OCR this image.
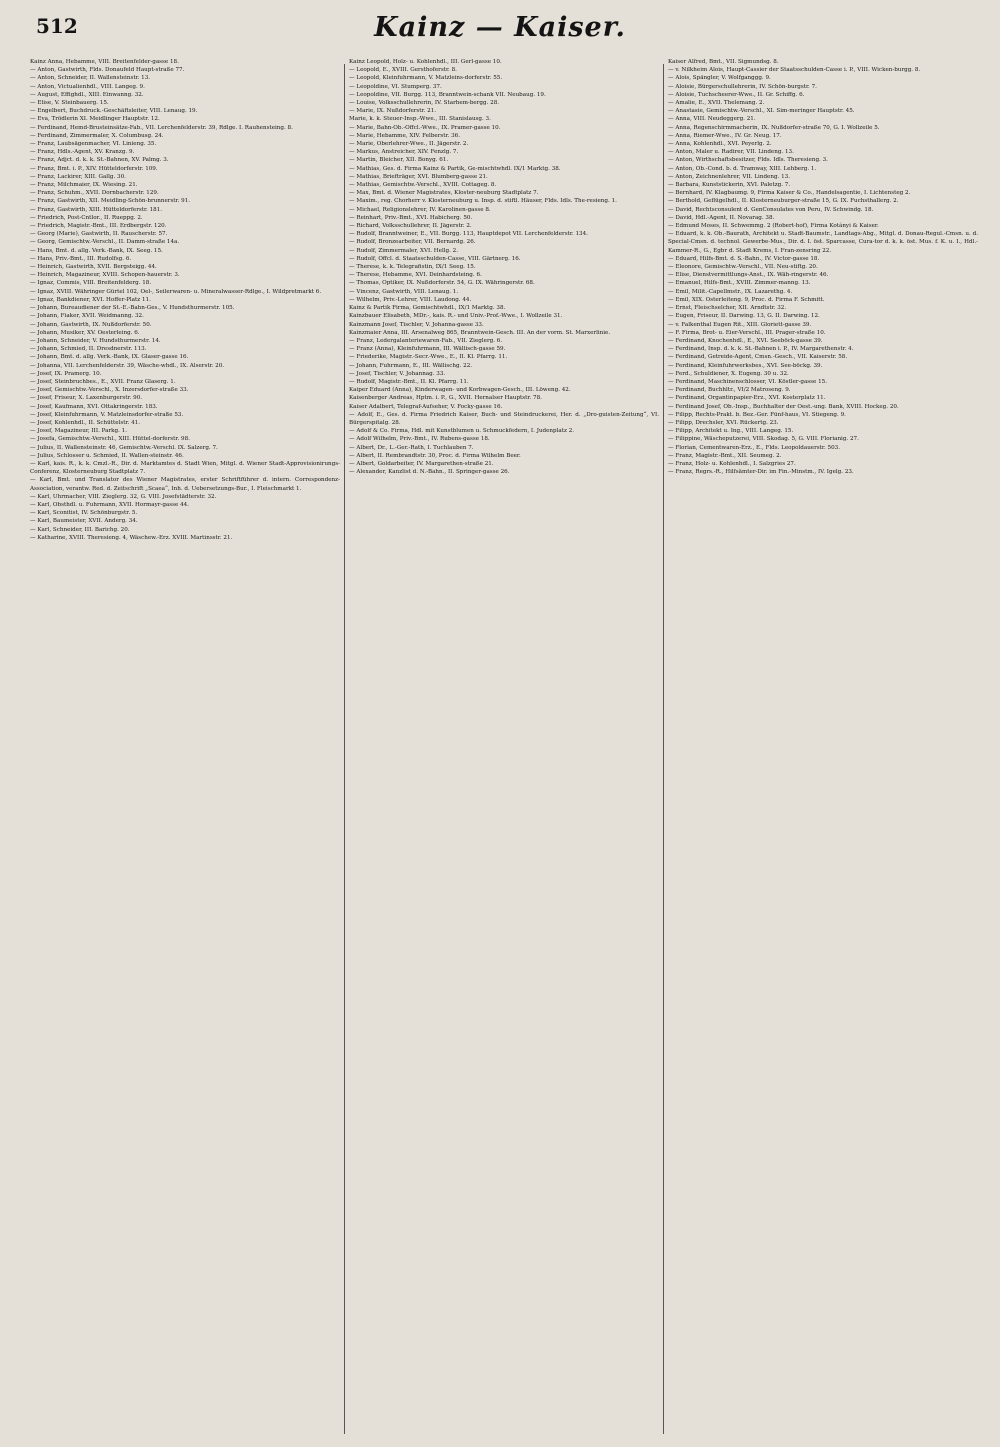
512	Kainz — Kaiser.

Kainz Anna, Hebamme, VIII. Breitenfelder-gasse 18.

— Anton, Gastwirth, Flds. Donaufeld Haupt-straße 77.

— Anton, Schneider, II. Wallensteinstr. 13.

— Anton, Victualienhdl., VIII. Langeg. 9.

— August, Effighdl., XIII. Einwanng. 32.

— Elise, V. Steinbauerg. 15.

— Engelbert, Buchdruck.-Geschäftsleiter, VIII. Lenaug. 19.

— Eva, Trödlerin XI. Meidlinger Hauptstr. 12.

— Ferdinand, Hemd-Brusteinsätze-Fab., VII. Lerchenfelderstr. 39, Rdlge. I. Rauhensteing. 8.

— Ferdinand, Zimmermaler, X. Columbusg. 24.

— Franz, Laubsägenmacher, VI. Linieng. 35.

— Franz, Hdls.-Agent, XV. Kranzg. 9.

— Franz, Adjct. d. k. k. St.-Bahnen, XV. Palmg. 3.

— Franz, Bmt. i. P., XIV. Hütteldorferstr. 109.

— Franz, Lackirer, XIII. Gallg. 30.

— Franz, Milchmaier, IX. Wiesing. 21.

— Franz, Schuhm., XVII. Dornbacherstr. 129.

— Franz, Gastwirth, XII. Meidling-Schön-brunnerstr. 91.

— Franz, Gastwirth, XIII. Hütteldorferstr. 181.

— Friedrich, Post-Cntlor., II. Rueppg. 2.

— Friedrich, Magistr.-Bmt., III. Erdbergstr. 120.

— Georg (Marie), Gastwirth, II. Rauscherstr. 57.

— Georg, Gemischtw.-Verschl., II. Damm-straße 14a.

— Hans, Bmt. d. allg. Verk.-Bank, IX. Seeg. 15.

— Hans, Priv.-Bmt., III. Rudolfsg. 6.

— Heinrich, Gastwirth, XVII. Bergsteigg. 44.

— Heinrich, Magazineur, XVIII. Schopen-hauerstr. 3.

— Ignaz, Commis, VIII. Breitenfelderg. 18.

— Ignaz, XVIII. Währinger Gürtel 102, Oel-, Seilerwaren- u. Mineralwasser-Rdlge., I. Wildpretmarkt 6.

— Ignaz, Bankdiener, XVI. Hoffer-Platz 11.

— Johann, Bureaudiener der St.-E.-Bahn-Ges., V. Hundsthurmerstr. 105.

— Johann, Fiaker, XVII. Weidmanng. 32.

— Johann, Gastwirth, IX. Nußdorferstr. 50.

— Johann, Musiker, XV. Oesterleing. 6.

— Johann, Schneider, V. Hundsthurmerstr. 14.

— Johann, Schmied, II. Dresdnerstr. 113.

— Johann, Bmt. d. allg. Verk.-Bank, IX. Glaser-gasse 16.

— Johanna, VII. Lerchenfelderstr. 39, Wäsche-whdl., IX. Alserstr. 20.

— Josef, IX. Pramerg. 10.

— Josef, Steinbruchbes., E., XVII. Franz Glaserg. 1.

— Josef, Gemischtw.-Verschl., X. Inzersdorfer-straße 33.

— Josef, Friseur, X. Laxenburgerstr. 90.

— Josef, Kaufmann, XVI. Ottakringerstr. 183.

— Josef, Kleinfuhrmann, V. Matzleinsdorfer-straße 53.

— Josef, Kohlenhdl., II. Schüttelstr. 41.

— Josef, Magazineur, III. Parkg. 1.

— Josefa, Gemischtw.-Verschl., XIII. Hüttel-dorferstr. 98.

— Julius, II. Wallensteinstr. 46, Gemischtw.-Verschl. IX. Salzerg. 7.

— Julius, Schlosser u. Schmied, II. Wallen-steinstr. 46.

— Karl, kais. R., k. k. Cmzl.-R., Dir. d. Marktamtes d. Stadt Wien, Mitgl. d. Wiener Stadt-Approvisionirungs-Conferenz, Klosterneuburg Stadtplatz 7.

— Karl, Bmt. und Translator des Wiener Magistrates, erster Schriftführer d. intern. Correspondenz-Association, verantw. Red. d. Zeitschrift „Scaea“, Inh. d. Uebersetzungs-Bur., I. Fleischmarkt 1.

— Karl, Uhrmacher, VIII. Zieglerg. 32, G. VIII. Josefstädterstr. 32.

— Karl, Obsthdl. u. Fuhrmann, XVII. Hormayr-gasse 44.

— Karl, Sconitist, IV. Schönburgstr. 5.

— Karl, Baumeister, XVII. Anderg. 34.

— Karl, Schneider, III. Barichg. 20.

— Katharine, XVIII. Theresieng. 4, Wäschew.-Erz. XVIII. Martinsstr. 21.

Kainz Leopold, Holz- u. Kohlenhdl., III. Gerl-gasse 10.

— Leopold, E., XVIII. Gersthoferstr. 8.

— Leopold, Kleinfuhrmann, V. Matzleins-dorferstr. 55.

— Leopoldine, VI. Stumperg. 37.

— Leopoldine, VII. Burgg. 113, Branntwein-schank VII. Neubaug. 19.

— Louise, Volksschullehrerin, IV. Starhem-bergg. 28.

— Marie, IX. Nußdorferstr. 21.

Marie, k. k. Steuer-Insp.-Wwe., III. Stanislausg. 3.

— Marie, Bahn-Ob.-Offcl.-Wwe., IX. Pramer-gasse 10.

— Marie, Hebamme, XIV. Felberstr. 36.

— Marie, Oberlehrer-Wwe., II. Jägerstr. 2.

— Markus, Anstreicher, XIV. Fenzlg. 7.

— Martin, Bleicher, XII. Bonyg. 61.

— Mathias, Ges. d. Firma Kainz & Partik, Ge-mischtwhdl. IX/1 Marktg. 38.

— Mathias, Briefträger, XVI. Blumberg-gasse 21.

— Mathias, Gemischtw.-Verschl., XVIII. Cottageg. 8.

— Max, Bmt. d. Wiener Magistrates, Kloster-neuburg Stadtplatz 7.

— Maxim., reg. Chorherr v. Klosterneuburg u. Insp. d. stiftl. Häuser, Flds. Idls. The-resieng. 1.

— Michael, Religionslehrer, IV. Karolinen-gasse 8.

— Reinhart, Priv.-Bmt., XVI. Habicherg. 50.

— Richard, Volksschullehrer, II. Jägerstr. 2.

— Rudolf, Branntweiner, E., VII. Burgg. 113, Hauptdepot VII. Lerchenfelderstr. 134.

— Rudolf, Bronzearbeiter, VII. Bernardg. 26.

— Rudolf, Zimmermaler, XVI. Hellg. 2.

— Rudolf, Offcl. d. Staatsschulden-Casse, VIII. Gärtnerg. 16.

— Therese, k. k. Telegrafistin, IX/1 Seeg. 15.

— Therese, Hebamme, XVI. Deinhardsteing. 6.

— Thomas, Optiker, IX. Nußdorferstr. 54, G. IX. Währingerstr. 68.

— Vincenz, Gastwirth, VIII. Lenaug. 1.

— Wilhelm, Priv.-Lehrer, VIII. Laudong. 44.

Kainz & Partik Firma, Gemischtwhdl., IX/1 Marktg. 38.

Kainzbauer Elisabeth, MDr.-, kais. R.- und Univ.-Prof.-Wwe., I. Wollzeile 31.

Kainzmann Josef, Tischler, V. Johanna-gasse 33.

Kainzmaier Anna, III. Arsenalweg 865, Branntwein-Gesch. III. An der vorm. St. Marxerlinie.

— Franz, Ledergalanteriewaren-Fab., VII. Zieglerg. 6.

— Franz (Anna), Kleinfuhrmann, III. Wällisch-gasse 59.

— Friederike, Magistr.-Secr.-Wwe., E., II. Kl. Pfarrg. 11.

— Johann, Fuhrmann, E., III. Wällischg. 22.

— Josef, Tischler, V. Johannag. 33.

— Rudolf, Magistr.-Bmt., II. Kl. Pfarrg. 11.

Kaiper Eduard (Anna), Kinderwagen- und Korbwagen-Gesch., III. Löweng. 42.

Kaisenberger Andreas, Hptm. i. P., G., XVII. Hernalser Hauptstr. 78.

Kaiser Adalbert, Telegraf-Aufseher, V. Focky-gasse 16.

— Adolf, E., Ges. d. Firma Friedrich Kaiser, Buch- und Steindruckerei, Her. d. „Dro-guisten-Zeitung“, VI. Bürgerspitalg. 28.

— Adolf & Co. Firma, Hdl. mit Kunstblumen u. Schmuckfedern, I. Judenplatz 2.

— Adolf Wilhelm, Priv.-Bmt., IV. Rubens-gasse 18.

— Albert, Dr., L.-Ger.-Rath, I. Tuchlauben 7.

— Albert, II. Rembrandtstr. 30, Proc. d. Firma Wilhelm Beer.

— Albert, Goldarbeiter, IV. Margarethen-straße 21.

— Alexander, Kanzlist d. N.-Bahn., II. Springer-gasse 26.

Kaiser Alfred, Bmt., VII. Sigmundsg. 8.

— v. Nilkheim Alois, Haupt-Cassier der Staatsschulden-Casse i. P., VIII. Wicken-burgg. 8.

— Alois, Spängler, V. Wolfganggg. 9.

— Aloisie, Bürgerschullehrerin, IV. Schön-burgstr. 7.

— Aloisie, Tuchscheerer-Wwe., II. Gr. Schiffg. 6.

— Amalie, E., XVII. Thelemang. 2.

— Anastasie, Gemischtw.-Verschl., XI. Sim-meringer Hauptstr. 45.

— Anna, VIII. Neudeggerg. 21.

— Anna, Regenschirmmacherin, IX. Nußdorfer-straße 70, G. I. Wollzeile 5.

— Anna, Riemer-Wwe., IV. Gr. Neug. 17.

— Anna, Kohlenhdl., XVI. Peyerlg. 2.

— Anton, Maler u. Radirer, VII. Lindeng. 13.

— Anton, Wirthschaftsbesitzer, Flds. Idls. Theresieng. 3.

— Anton, Ob.-Cond. b. d. Tramway, XIII. Lehberg. 1.

— Anton, Zeichnenlehrer, VII. Lindeng. 13.

— Barbara, Kunststickerin, XVI. Paletzg. 7.

— Bernhard, IV. Klagbaumg. 9, Firma Kaiser & Co., Handelsagentie, I. Lichtensteg 2.

— Berthold, Geflügelhdl., II. Klosterneuburger-straße 15, G. IX. Fuchsthallerg. 2.

— David, Rechtsconsulent d. GenConsulates von Peru, IV. Schwindg. 18.

— David, Hdl.-Agent, II. Novarag. 38.

— Edmund Moses, II. Schwemmg. 2 (Robert-hof), Firma Kotányi & Kaiser.

— Eduard, k. k. Ob.-Baurath, Architekt u. Stadt-Baumstr., Landtags-Abg., Mitgl. d. Donau-Regul.-Cmsn. u. d. Special-Cmsn. d. technol. Gewerbe-Mus., Dir. d. I. öst. Sparcasse, Cura-tor d. k. k. öst. Mus. f. K. u. I., Hdl.-Kammer-R., G., Egbr d. Stadt Krems, I. Fran-zensring 22.

— Eduard, Hilfs-Bmt. d. S.-Bahn., IV. Victor-gasse 18.

— Eleonore, Gemischtw.-Verschl., VII. Neu-stiftg. 20.

— Elise, Dienstvermittlungs-Anst., IX. Wäh-ringerstr. 46.

— Emanuel, Hilfs-Bmt., XVIII. Zimmer-manng. 13.

— Emil, Milit.-Capellmstr., IX. Lazarethg. 4.

— Emil, XIX. Osterleiteng. 9, Proc. d. Firma F. Schmitt.

— Ernst, Fleischselcher, XII. Arndtstr. 32.

— Eugen, Friseur, II. Darwing. 13, G. II. Darwing. 12.

— v. Falkenthal Eugen Rit., XIII. Gloriett-gasse 39.

— F. Firma, Brot- u. Eier-Verschl., III. Prager-straße 10.

— Ferdinand, Knochenhdl., E., XVI. Seeböck-gasse 39.

— Ferdinand, Insp. d. k. k. St.-Bahnen i. P., IV. Margarethenstr. 4.

— Ferdinand, Getreide-Agent, Cmsn.-Gesch., VII. Kaiserstr. 58.

— Ferdinand, Kleinfuhrwerksbes., XVI. See-böckg. 39.

— Ferd., Schuldiener, X. Eugeng. 30 u. 32.

— Ferdinand, Maschinenschlosser, VI. Köstler-gasse 15.

— Ferdinand, Buchhltr., VI/2 Matroseng. 9.

— Ferdinand, Organtinpapier-Erz., XVI. Kosterplatz 11.

— Ferdinand Josef, Ob.-Insp., Buchhalter der Oest.-ung. Bank, XVIII. Hockeg. 20.

— Filipp, Rechts-Prakt. b. Bez.-Ger. Fünf-haus, VI. Stiegeng. 9.

— Filipp, Drechsler, XVI. Rückertg. 23.

— Filipp, Architekt u. Ing., VIII. Langeg. 15.

— Filippine, Wäscheputzerei, VIII. Skodag. 5, G. VIII. Florianig. 27.

— Florian, Cementwaren-Erz., E., Flds. Leopoldauerstr. 503.

— Franz, Magistr.-Bmt., XII. Seumeg. 2.

— Franz, Holz- u. Kohlenhdl., I. Salzgries 27.

— Franz, Regrs.-R., Hilfsämter-Dir. im Fin.-Minstm., IV. Igelg. 23.
